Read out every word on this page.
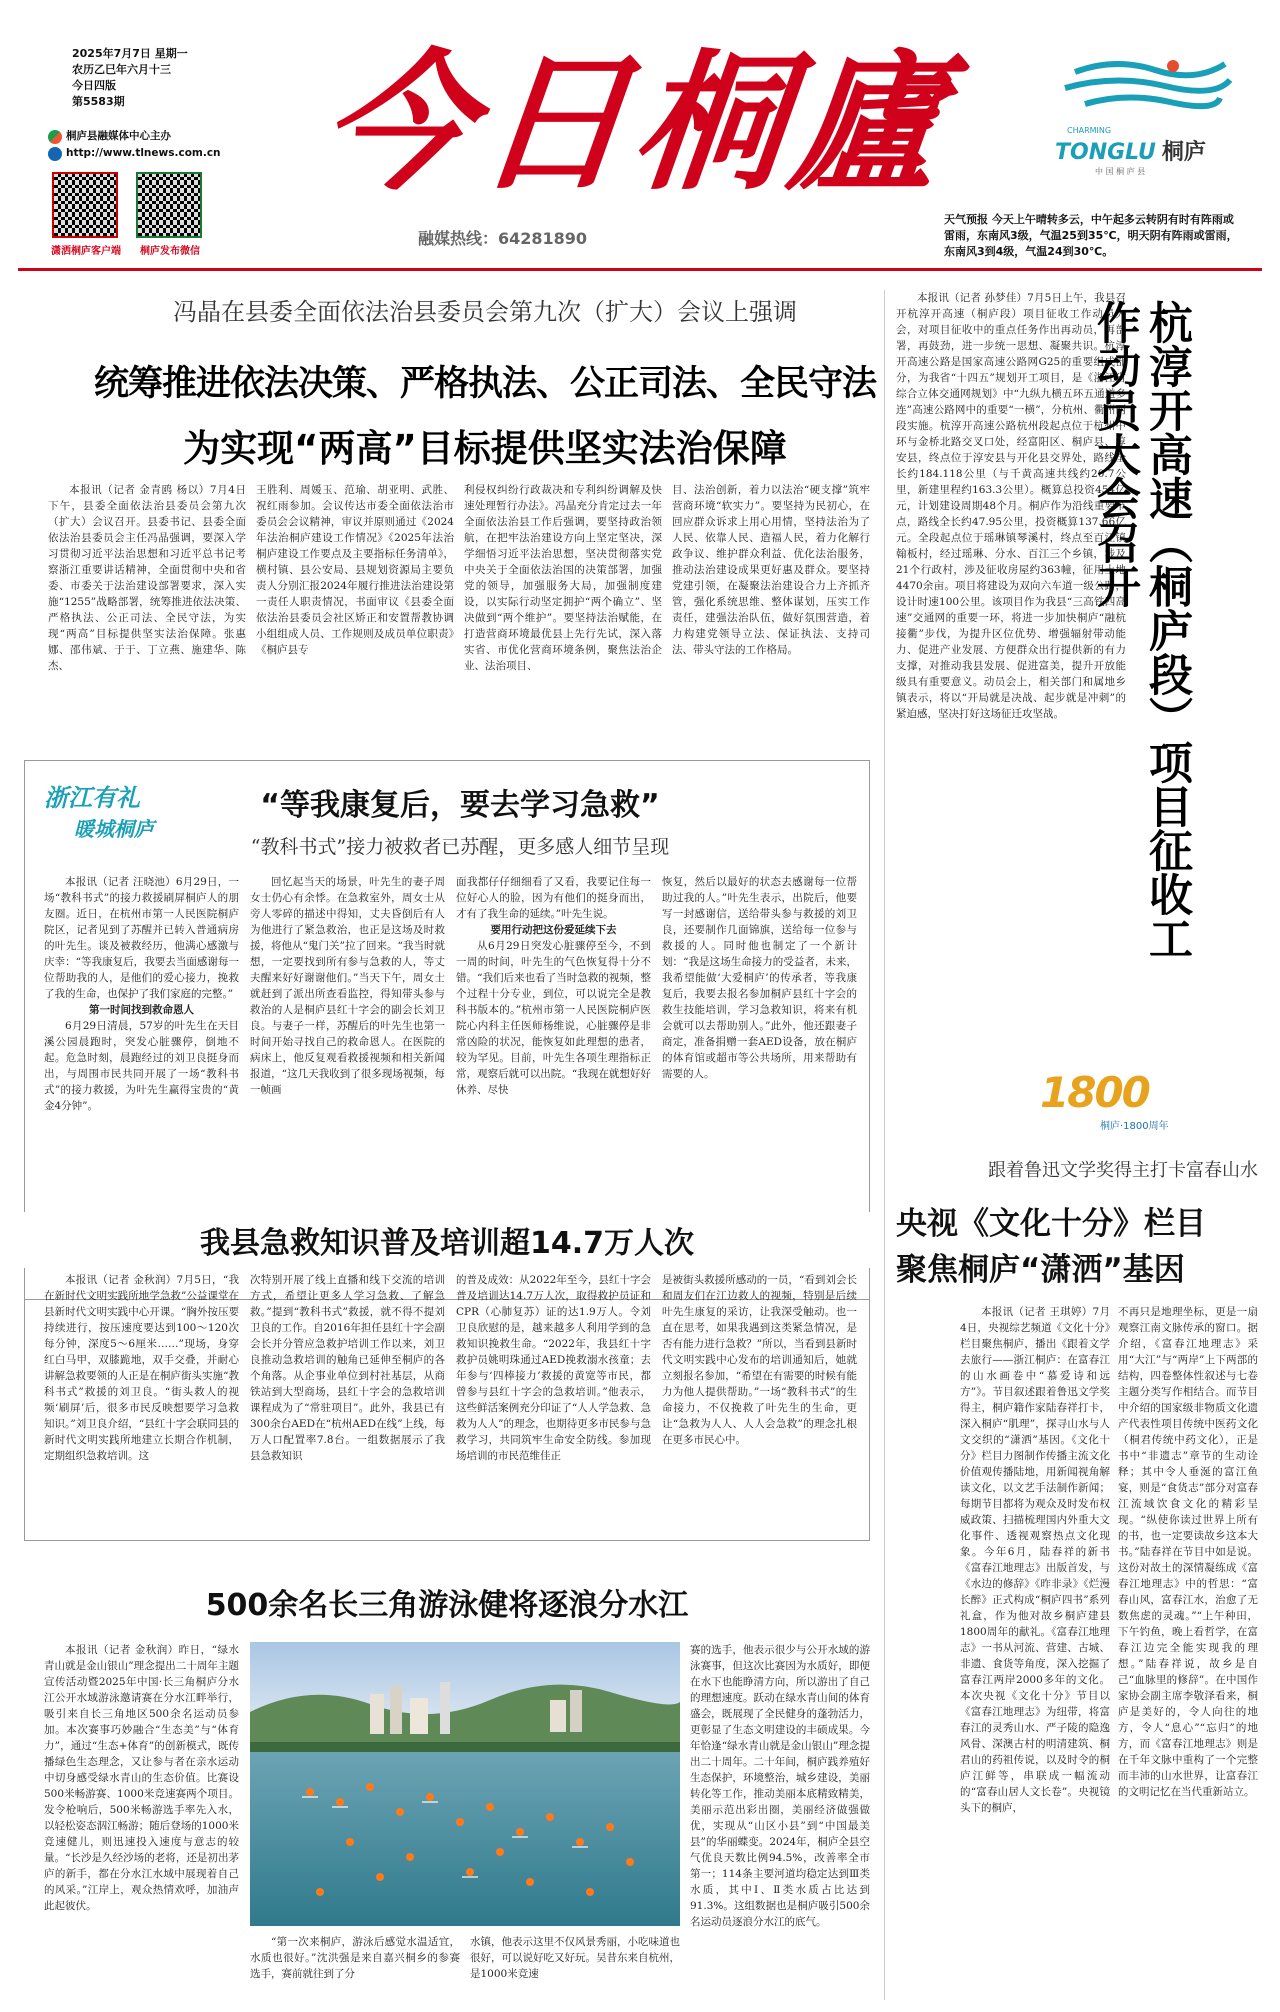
2025年7月7日 星期一
农历乙巳年六月十三
今日四版
第5583期
桐庐县融媒体中心主办
http://www.tlnews.com.cn
潇洒桐庐客户端	桐庐发布微信
今日桐廬
融媒热线：64281890
CHARMING
TONGLU 桐庐
中 国 桐 庐 县
天气预报 今天上午晴转多云，中午起多云转阴有时有阵雨或雷雨，东南风3级，气温25到35℃，明天阴有阵雨或雷雨，东南风3到4级，气温24到30℃。
冯晶在县委全面依法治县委员会第九次（扩大）会议上强调
统筹推进依法决策、严格执法、公正司法、全民守法
为实现“两高”目标提供坚实法治保障

本报讯（记者 金青鸥 杨以）7月4日下午，县委全面依法治县委员会第九次（扩大）会议召开。县委书记、县委全面依法治县委员会主任冯晶强调，要深入学习贯彻习近平法治思想和习近平总书记考察浙江重要讲话精神，全面贯彻中央和省委、市委关于法治建设部署要求，深入实施“1255”战略部署，统筹推进依法决策、严格执法、公正司法、全民守法，为实现“两高”目标提供坚实法治保障。张惠娜、邵伟斌、于于、丁立燕、施建华、陈杰、

王胜利、周媛玉、范瑜、胡亚明、武胜、祝红雨参加。会议传达市委全面依法治市委员会会议精神，审议并原则通过《2024年法治桐庐建设工作情况》《2025年法治桐庐建设工作要点及主要指标任务清单》，横村镇、县公安局、县规划资源局主要负责人分别汇报2024年履行推进法治建设第一责任人职责情况，书面审议《县委全面依法治县委员会社区矫正和安置帮教协调小组组成人员、工作规则及成员单位职责》《桐庐县专

利侵权纠纷行政裁决和专利纠纷调解及快速处理暂行办法》。冯晶充分肯定过去一年全面依法治县工作后强调，要坚持政治领航，在把牢法治建设方向上坚定坚决，深学细悟习近平法治思想，坚决贯彻落实党中央关于全面依法治国的决策部署，加强党的领导，加强服务大局，加强制度建设，以实际行动坚定拥护“两个确立”、坚决做到“两个维护”。要坚持法治赋能，在打造营商环境最优县上先行先试，深入落实省、市优化营商环境条例，聚焦法治企业、法治项目、

目、法治创新，着力以法治“硬支撑”筑牢营商环境“软实力”。要坚持为民初心，在回应群众诉求上用心用情，坚持法治为了人民、依靠人民、造福人民，着力化解行政争议、维护群众利益、优化法治服务，推动法治建设成果更好惠及群众。要坚持党建引领，在凝聚法治建设合力上齐抓齐管，强化系统思维、整体谋划，压实工作责任，建强法治队伍，做好氛围营造，着力构建党领导立法、保证执法、支持司法、带头守法的工作格局。

浙江有礼
暖城桐庐
“等我康复后，要去学习急救”
“教科书式”接力被救者已苏醒，更多感人细节呈现

本报讯（记者 汪晓池）6月29日，一场“教科书式”的接力救援刷屏桐庐人的朋友圈。近日，在杭州市第一人民医院桐庐院区，记者见到了苏醒并已转入普通病房的叶先生。谈及被救经历，他满心感激与庆幸：“等我康复后，我要去当面感谢每一位帮助我的人，是他们的爱心接力，挽救了我的生命，也保护了我们家庭的完整。”

第一时间找到救命恩人

6月29日清晨，57岁的叶先生在天目溪公园晨跑时，突发心脏骤停，倒地不起。危急时刻，晨跑经过的刘卫良挺身而出，与周围市民共同开展了一场“教科书式”的接力救援，为叶先生赢得宝贵的“黄金4分钟”。

回忆起当天的场景，叶先生的妻子周女士仍心有余悸。在急救室外，周女士从旁人零碎的描述中得知，丈夫昏倒后有人为他进行了紧急救治，也正是这场及时救援，将他从“鬼门关”拉了回来。“我当时就想，一定要找到所有参与急救的人，等丈夫醒来好好谢谢他们。”当天下午，周女士就赶到了派出所查看监控，得知带头参与救治的人是桐庐县红十字会的副会长刘卫良。与妻子一样，苏醒后的叶先生也第一时间开始寻找自己的救命恩人。在医院的病床上，他反复观看救援视频和相关新闻报道，“这几天我收到了很多现场视频，每一帧画

面我都仔仔细细看了又看，我要记住每一位好心人的脸，因为有他们的挺身而出，才有了我生命的延续。”叶先生说。

要用行动把这份爱延续下去

从6月29日突发心脏骤停至今，不到一周的时间，叶先生的气色恢复得十分不错。“我们后来也看了当时急救的视频，整个过程十分专业，到位，可以说完全是教科书版本的。”杭州市第一人民医院桐庐医院心内科主任医师杨维说，心脏骤停是非常凶险的状况，能恢复如此理想的患者，较为罕见。目前，叶先生各项生理指标正常，观察后就可以出院。“我现在就想好好休养、尽快

恢复，然后以最好的状态去感谢每一位帮助过我的人。”叶先生表示，出院后，他要写一封感谢信，送给带头参与救援的刘卫良，还要制作几面锦旗，送给每一位参与救援的人。同时他也制定了一个新计划：“我是这场生命接力的受益者，未来，我希望能做‘大爱桐庐’的传承者，等我康复后，我要去报名参加桐庐县红十字会的救生技能培训，学习急救知识，将来有机会就可以去帮助别人。”此外，他还跟妻子商定，准备捐赠一套AED设备，放在桐庐的体育馆或超市等公共场所，用来帮助有需要的人。

我县急救知识普及培训超14.7万人次

本报讯（记者 金秋润）7月5日，“我在新时代文明实践所地学急救”公益课堂在县新时代文明实践中心开课。“胸外按压要持续进行，按压速度要达到100～120次每分钟，深度5～6厘米……”现场，身穿红白马甲，双膝跪地，双手交叠，并耐心讲解急救要领的人正是在桐庐街头实施“教科书式”救援的刘卫良。“街头救人的视频‘刷屏’后，很多市民反映想要学习急救知识。”刘卫良介绍，“县红十字会联同县的新时代文明实践所地建立长期合作机制，定期组织急救培训。这

次特别开展了线上直播和线下交流的培训方式，希望让更多人学习急救、了解急救。”提到“教科书式”救援，就不得不提刘卫良的工作。自2016年担任县红十字会副会长并分管应急救护培训工作以来，刘卫良推动急救培训的触角已延伸至桐庐的各个角落。从企事业单位到村社基层，从商铁站到大型商场，县红十字会的急救培训课程成为了“常驻项目”。此外，我县已有300余台AED在“杭州AED在线”上线，每万人口配置率7.8台。一组数据展示了我县急救知识

的普及成效：从2022年至今，县红十字会普及培训达14.7万人次，取得救护员证和CPR（心肺复苏）证的达1.9万人。令刘卫良欣慰的是，越来越多人利用学到的急救知识挽救生命。“2022年，我县红十字救护员姚明珠通过AED挽救溺水孩童；去年参与‘四棒接力’救援的黄宽等市民，都曾参与县红十字会的急救培训。”他表示，这些鲜活案例充分印证了“人人学急救、急救为人人”的理念，也期待更多市民参与急救学习，共同筑牢生命安全防线。参加现场培训的市民范维佳正

是被街头救援所感动的一员，“看到刘会长和周友们在江边救人的视频，特别是后续叶先生康复的采访，让我深受触动。也一直在思考，如果我遇到这类紧急情况，是否有能力进行急救？”所以，当看到县新时代文明实践中心发布的培训通知后，她就立刻报名参加，“希望在有需要的时候有能力为他人提供帮助。”一场“教科书式”的生命接力，不仅挽救了叶先生的生命，更让“急救为人人、人人会急救”的理念扎根在更多市民心中。

500余名长三角游泳健将逐浪分水江

本报讯（记者 金秋润）昨日，“绿水青山就是金山银山”理念提出二十周年主题宣传活动暨2025年中国·长三角桐庐分水江公开水域游泳邀请赛在分水江畔举行，吸引来自长三角地区500余名运动员参加。本次赛事巧妙融合“生态美”与“体育力”，通过“生态+体育”的创新模式，既传播绿色生态理念，又让参与者在亲水运动中切身感受绿水青山的生态价值。比赛设500米畅游赛、1000米竞速赛两个项目。发令枪响后，500米畅游选手率先入水，以轻松姿态泅江畅游；随后登场的1000米竞速健儿，则迅速投入速度与意志的较量。“长沙是久经沙场的老将，还是初出茅庐的新手，都在分水江水域中展现着自己的风采。”江岸上，观众热情欢呼，加油声此起彼伏。

“第一次来桐庐，游泳后感觉水温适宜，水质也很好。”沈洪强是来自嘉兴桐乡的参赛选手，赛前就往到了分

水镇，他表示这里不仅风景秀丽，小吃味道也很好，可以说好吃又好玩。吴昔东来自杭州，是1000米竞速

赛的选手，他表示很少与公开水域的游泳赛事，但这次比赛因为水质好，即便在水下也能睁清方向，所以游出了自己的理想速度。跃动在绿水青山间的体育盛会，既展现了全民健身的蓬勃活力，更彰显了生态文明建设的丰硕成果。今年恰逢“绿水青山就是金山银山”理念提出二十周年。二十年间，桐庐践养殖好生态保护，环境整治，城乡建设，美丽转化等工作，推动美丽本底精致精美，美丽示范出彩出圈，美丽经济做强做优，实现从“山区小县”到“中国最美县”的华丽蝶变。2024年，桐庐全县空气优良天数比例94.5%，改善率全市第一；114条主要河道均稳定达到Ⅲ类水质，其中Ⅰ、Ⅱ类水质占比达到91.3%。这组数据也是桐庐吸引500余名运动员逐浪分水江的底气。

本报讯（记者 孙梦佳）7月5日上午，我县召开杭淳开高速（桐庐段）项目征收工作动员大会，对项目征收中的重点任务作出再动员，再部署，再鼓劲，进一步统一思想、凝聚共识。杭淳开高速公路是国家高速公路网G25的重要组成部分，为我省“十四五”规划开工项目，是《浙江省综合立体交通网规划》中“九纵九横五环五通道多连”高速公路网中的重要“一横”，分杭州、衢州两段实施。杭淳开高速公路杭州段起点位于杭州中环与金桥北路交叉口处，经富阳区、桐庐县、淳安县，终点位于淳安县与开化县交界处，路线全长约184.118公里（与千黄高速共线约20.7公里，新建里程约163.3公里）。概算总投资454亿元，计划建设周期48个月。桐庐作为沿线重要节点，路线全长约47.95公里，投资概算137.66亿元。全段起点位于瑶琳镇琴溪村，终点至百江镇翰板村，经过瑶琳、分水、百江三个乡镇，涉及21个行政村，涉及征收房屋约363幢，征用土地4470余亩。项目将建设为双向六车道一级公路，设计时速100公里。该项目作为我县“三高铁四高速”交通网的重要一环，将进一步加快桐庐“融杭接衢”步伐，为提升区位优势、增强辐射带动能力、促进产业发展、方便群众出行提供新的有力支撑，对推动我县发展、促进富美，提升开放能级具有重要意义。动员会上，相关部门和属地乡镇表示，将以“开局就是决战、起步就是冲刺”的紧迫感，坚决打好这场征迁攻坚战。	杭淳开高速（桐庐段）项目征收工作动员大会召开
1800
桐庐·1800周年
跟着鲁迅文学奖得主打卡富春山水
央视《文化十分》栏目
聚焦桐庐“潇洒”基因

本报讯（记者 王琪婷）7月4日，央视综艺频道《文化十分》栏目聚焦桐庐，播出《跟着文学去旅行——浙江桐庐：在富春江的山水画卷中“慕爱诗和远方”》。节目叙述跟着鲁迅文学奖得主，桐庐籍作家陆春祥打卡，深入桐庐“肌理”，探寻山水与人文交织的“潇洒”基因。《文化十分》栏目力图制作传播主流文化价值观传播陆地，用新闻视角解读文化，以文艺手法制作新闻；每期节目都将为观众及时发布权威政策、扫描梳理国内外重大文化事件、透视观察热点文化现象。今年6月，陆春祥的新书《富春江地理志》出版首发，与《水边的修辞》《昨非录》《烂漫长醉》正式构成“桐庐四书”系列礼盒，作为他对故乡桐庐建县1800周年的献礼。《富春江地理志》一书从河流、营建、古城、非遗、食货等角度，深入挖掘了富春江两岸2000多年的文化。本次央视《文化十分》节目以《富春江地理志》为纽带，将富春江的灵秀山水、严子陵的隐逸风骨、深澳古村的明清建筑、桐君山的药祖传说，以及时令的桐庐江鲜等，串联成一幅流动的“富春山居人文长卷”。央视镜头下的桐庐，

不再只是地理坐标，更是一扇观察江南文脉传承的窗口。据介绍，《富春江地理志》采用“大江”与“两岸”上下两部的结构，四卷整体性叙述与七卷主题分类写作相结合。而节目中介绍的国家级非物质文化遗产代表性项目传统中医药文化（桐君传统中药文化），正是书中“非遗志”章节的生动诠释；其中令人垂涎的富江鱼宴，则是“食货志”部分对富春江流域饮食文化的精彩呈现。“纵使你读过世界上所有的书，也一定要读故乡这本大书。”陆春祥在节目中如是说。这份对故土的深情凝练成《富春江地理志》中的哲思：“富春山风，富春江水，治愈了无数焦虑的灵魂。”“上午种田，下午钓鱼，晚上看哲学，在富春江边完全能实现我的理想。”陆春祥说，故乡是自己“血脉里的修辞”。在中国作家协会副主席李敬泽看来，桐庐是美好的，令人向往的地方，令人“息心”“忘归”的地方，而《富春江地理志》则是在千年文脉中重构了一个完整而丰沛的山水世界，让富春江的文明记忆在当代重新站立。
